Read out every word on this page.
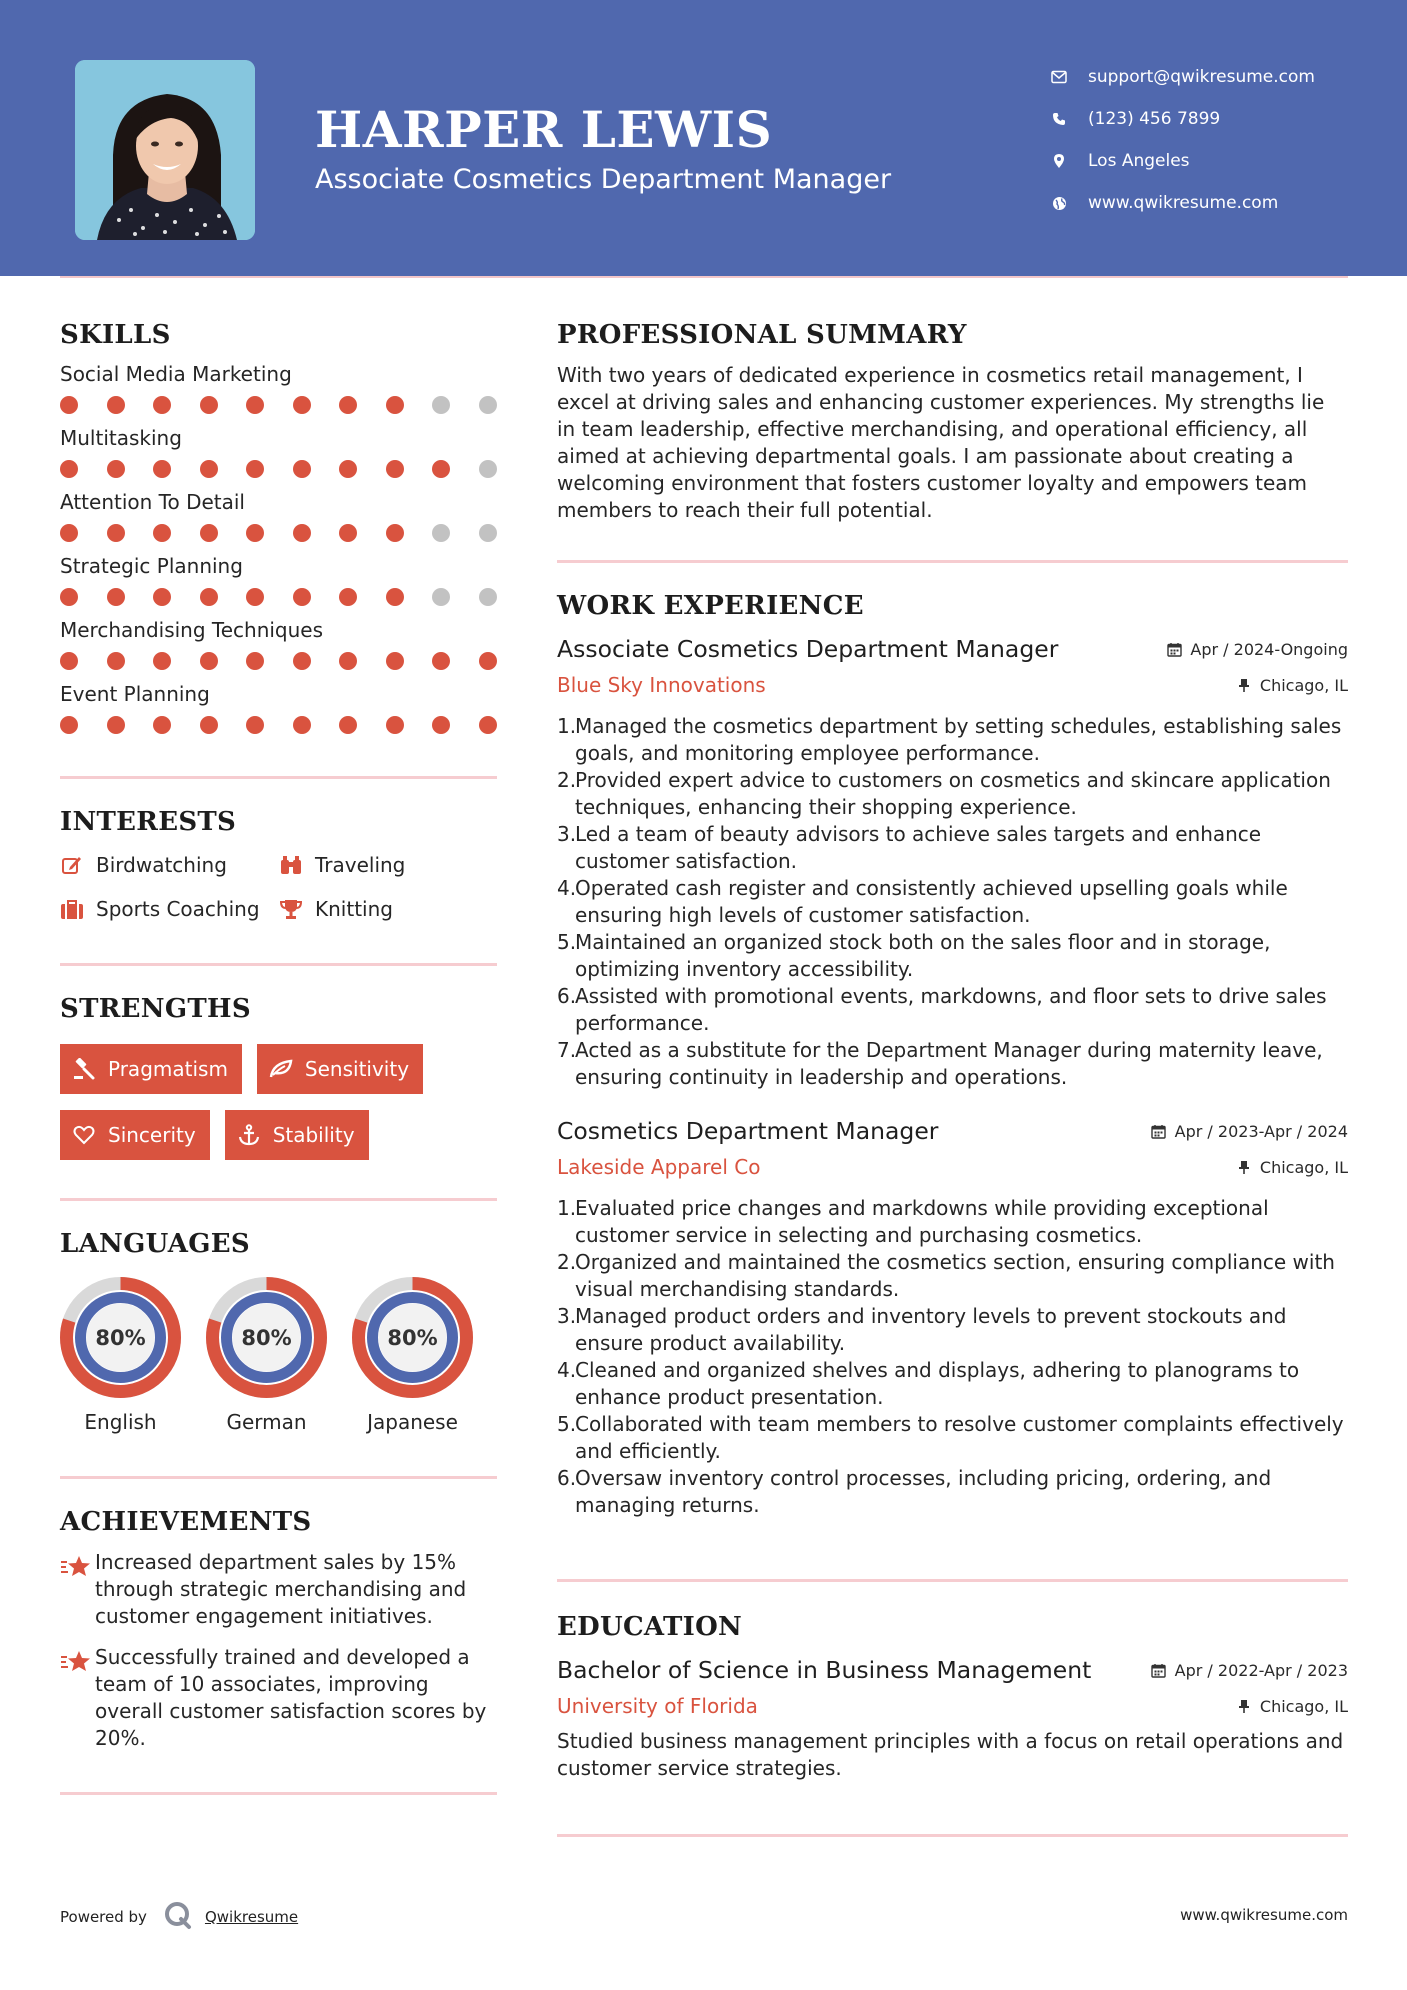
HARPER LEWIS
Associate Cosmetics Department Manager
support@qwikresume.com
(123) 456 7899
Los Angeles
www.qwikresume.com
SKILLS
Social Media Marketing
Multitasking
Attention To Detail
Strategic Planning
Merchandising Techniques
Event Planning
INTERESTS
Birdwatching	Traveling
Sports Coaching	Knitting
STRENGTHS
Pragmatism	Sensitivity
Sincerity	Stability
LANGUAGES
80%
English
80%
German
80%
Japanese
ACHIEVEMENTS
Increased department sales by 15% through strategic merchandising and customer engagement initiatives.
Successfully trained and developed a team of 10 associates, improving overall customer satisfaction scores by 20%.
PROFESSIONAL SUMMARY
With two years of dedicated experience in cosmetics retail management, I excel at driving sales and enhancing customer experiences. My strengths lie in team leadership, effective merchandising, and operational efficiency, all aimed at achieving departmental goals. I am passionate about creating a welcoming environment that fosters customer loyalty and empowers team members to reach their full potential.
WORK EXPERIENCE
Associate Cosmetics Department Manager	Apr / 2024-Ongoing
Blue Sky Innovations	Chicago, IL
1.
Managed the cosmetics department by setting schedules, establishing sales goals, and monitoring employee performance.
2.
Provided expert advice to customers on cosmetics and skincare application techniques, enhancing their shopping experience.
3.
Led a team of beauty advisors to achieve sales targets and enhance customer satisfaction.
4.
Operated cash register and consistently achieved upselling goals while ensuring high levels of customer satisfaction.
5.
Maintained an organized stock both on the sales floor and in storage, optimizing inventory accessibility.
6.
Assisted with promotional events, markdowns, and floor sets to drive sales performance.
7.
Acted as a substitute for the Department Manager during maternity leave, ensuring continuity in leadership and operations.
Cosmetics Department Manager	Apr / 2023-Apr / 2024
Lakeside Apparel Co	Chicago, IL
1.
Evaluated price changes and markdowns while providing exceptional customer service in selecting and purchasing cosmetics.
2.
Organized and maintained the cosmetics section, ensuring compliance with visual merchandising standards.
3.
Managed product orders and inventory levels to prevent stockouts and ensure product availability.
4.
Cleaned and organized shelves and displays, adhering to planograms to enhance product presentation.
5.
Collaborated with team members to resolve customer complaints effectively and efficiently.
6.
Oversaw inventory control processes, including pricing, ordering, and managing returns.
EDUCATION
Bachelor of Science in Business Management	Apr / 2022-Apr / 2023
University of Florida	Chicago, IL
Studied business management principles with a focus on retail operations and customer service strategies.
Powered by	Qwikresume	www.qwikresume.com
